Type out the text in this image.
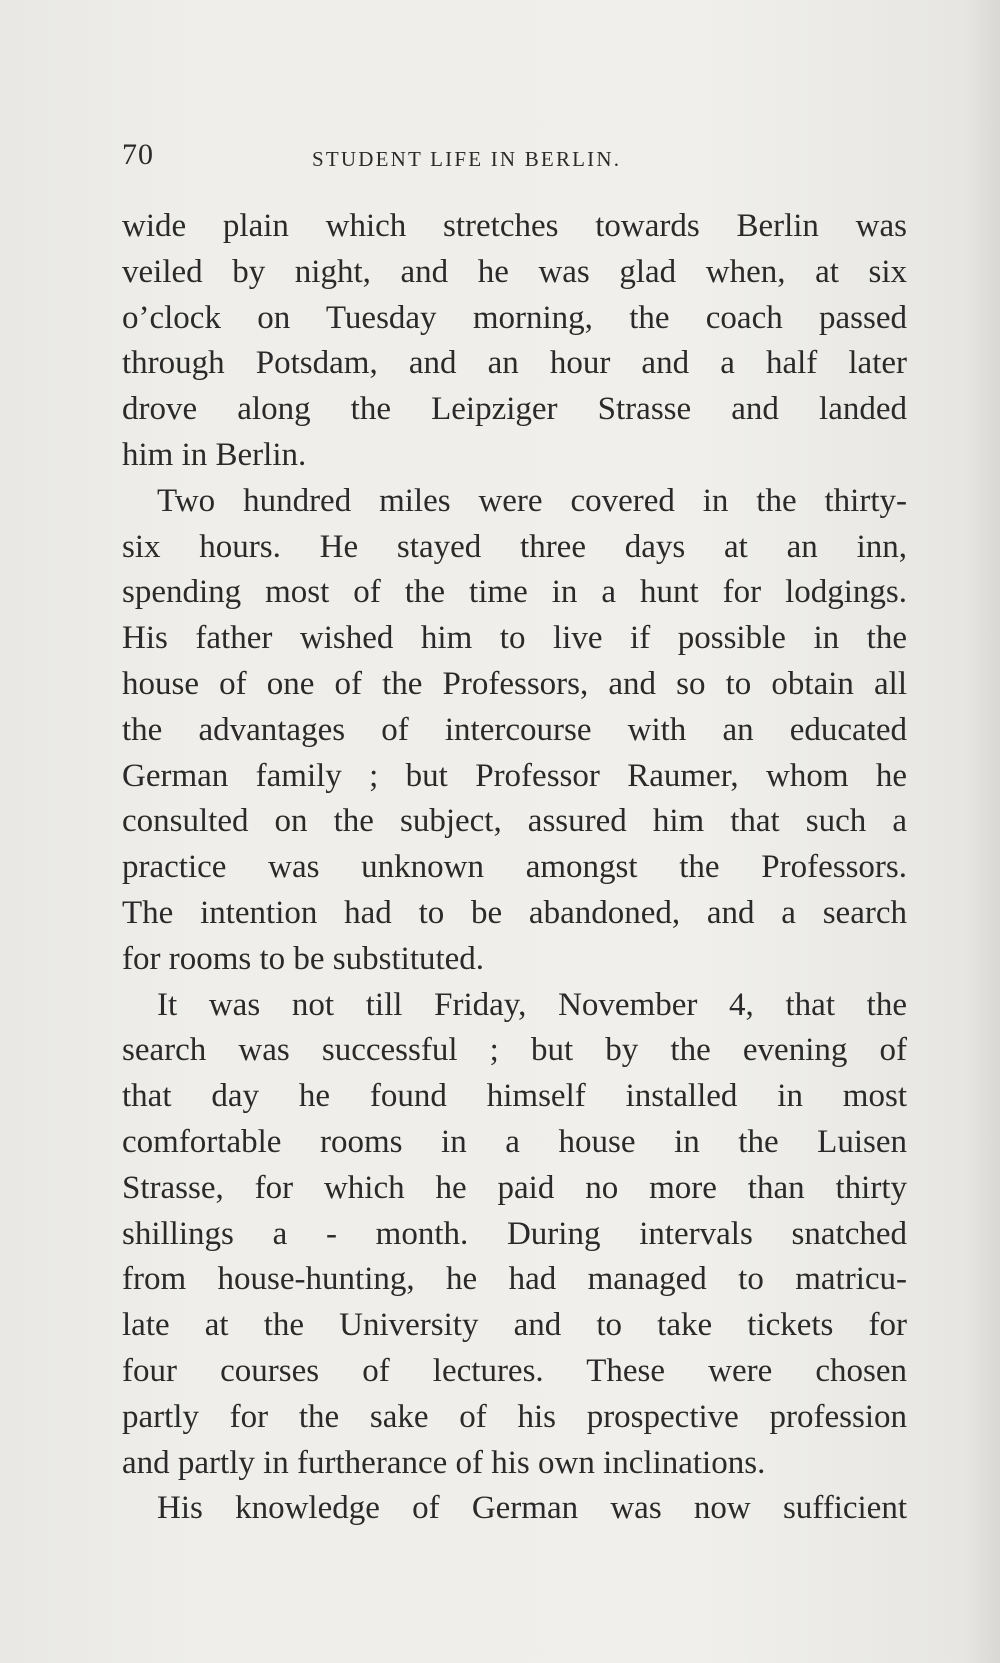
70	STUDENT LIFE IN BERLIN.
wide plain which stretches towards Berlin was
veiled by night, and he was glad when, at six
o’clock on Tuesday morning, the coach passed
through Potsdam, and an hour and a half later
drove along the Leipziger Strasse and landed
him in Berlin.
Two hundred miles were covered in the thirty-
six hours. He stayed three days at an inn,
spending most of the time in a hunt for lodgings.
His father wished him to live if possible in the
house of one of the Professors, and so to obtain all
the advantages of intercourse with an educated
German family ; but Professor Raumer, whom he
consulted on the subject, assured him that such a
practice was unknown amongst the Professors.
The intention had to be abandoned, and a search
for rooms to be substituted.
It was not till Friday, November 4, that the
search was successful ; but by the evening of
that day he found himself installed in most
comfortable rooms in a house in the Luisen
Strasse, for which he paid no more than thirty
shillings a - month. During intervals snatched
from house-hunting, he had managed to matricu-
late at the University and to take tickets for
four courses of lectures. These were chosen
partly for the sake of his prospective profession
and partly in furtherance of his own inclinations.
His knowledge of German was now sufficient
